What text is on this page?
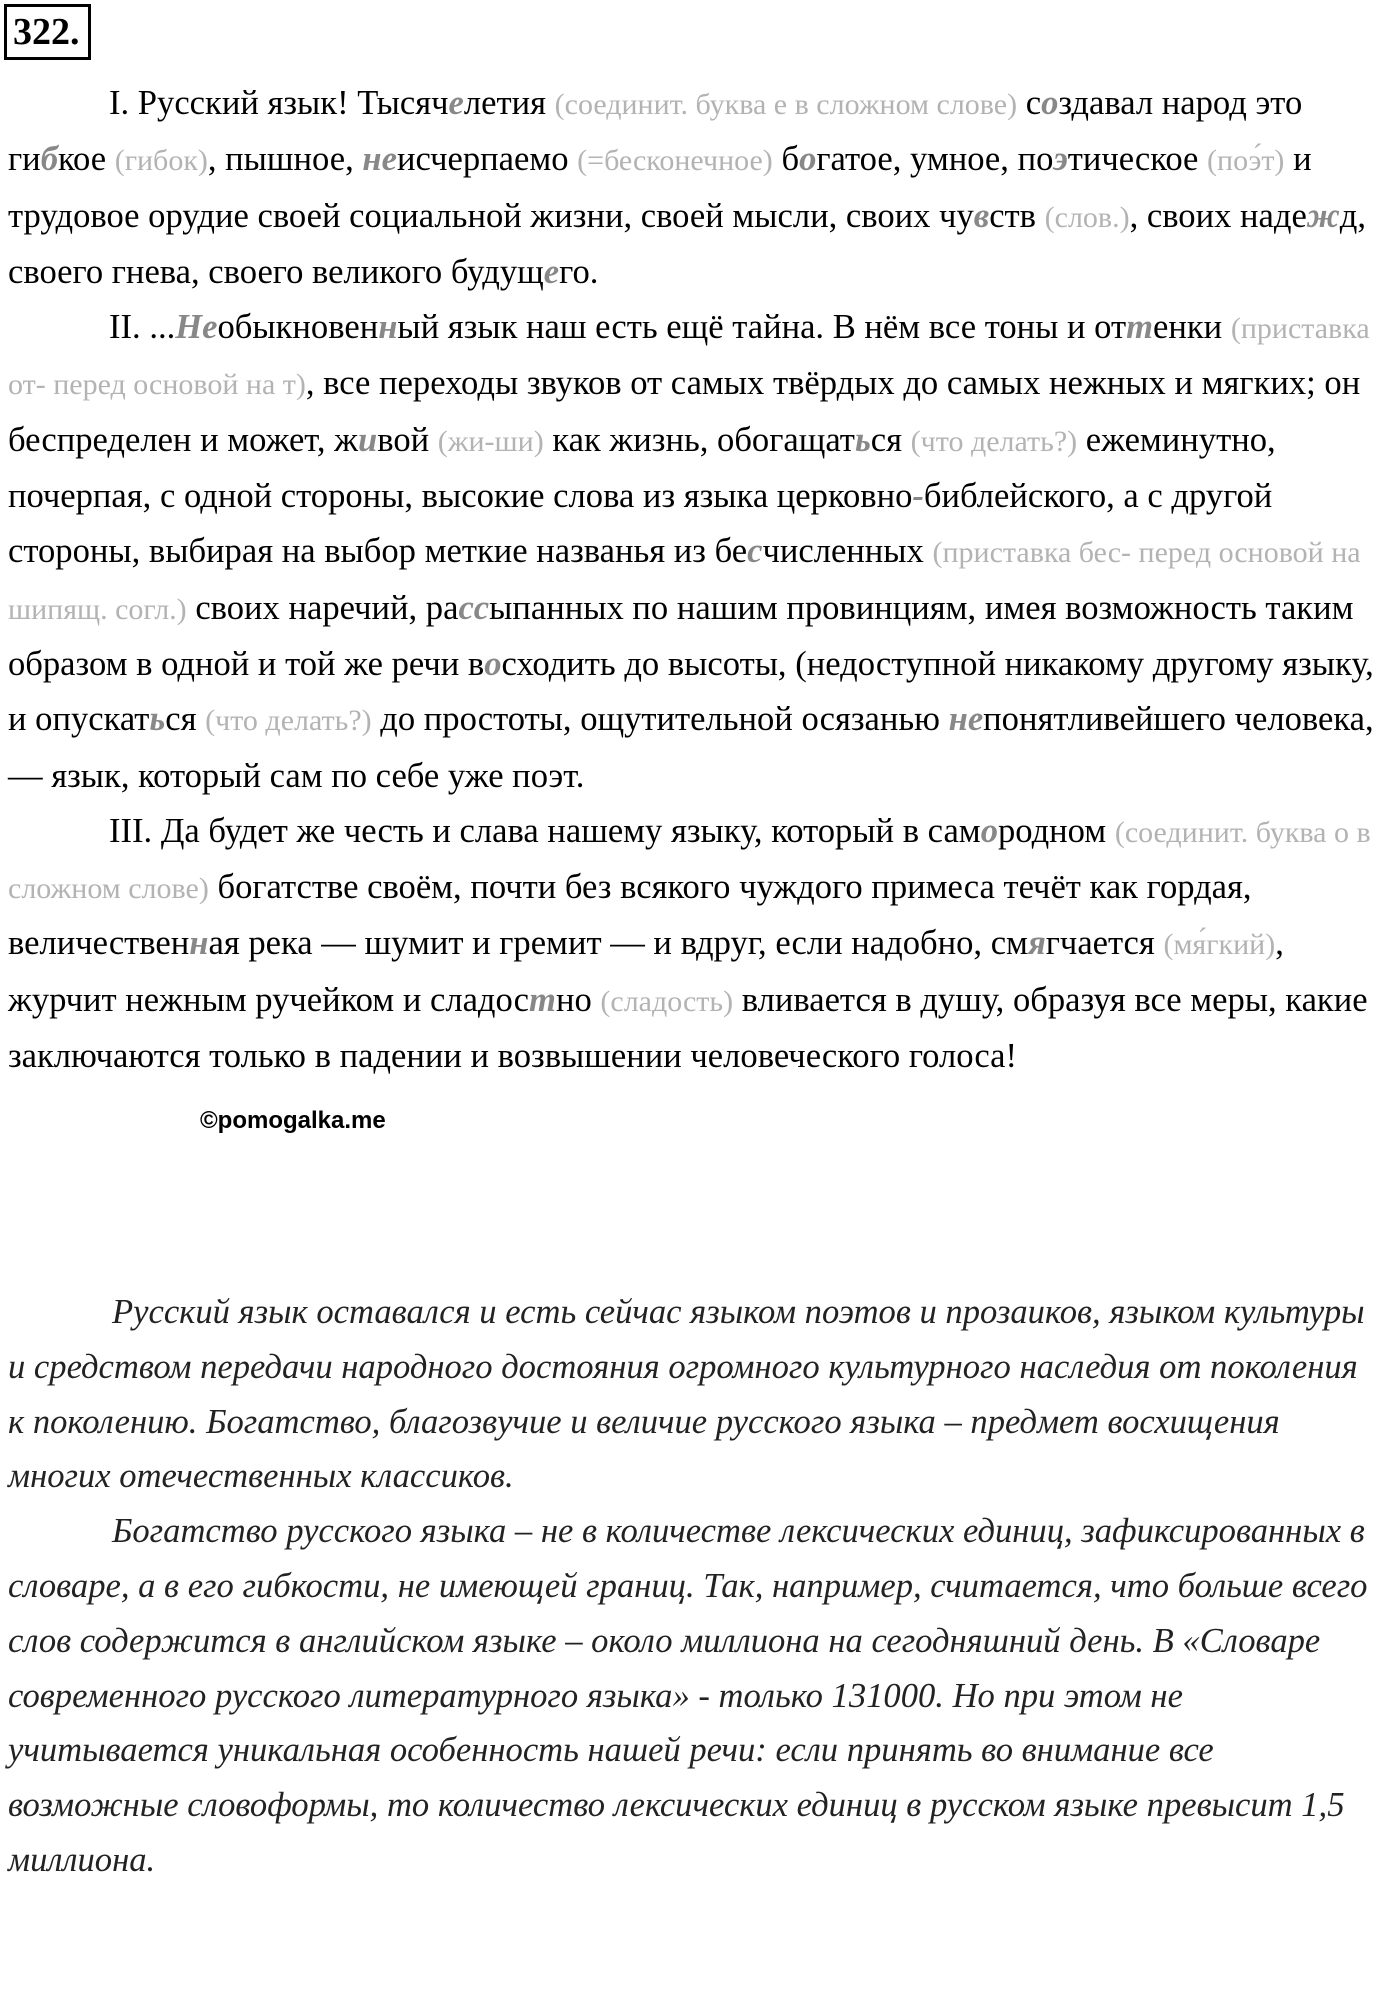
322.

I. Русский язык! Тысячелетия (соединит. буква е в сложном слове) создавал народ это гибкое (гибок), пышное, неисчерпаемо (=бесконечное) богатое, умное, поэтическое (поэ́т) и трудовое орудие своей социальной жизни, своей мысли, своих чувств (слов.), своих надежд, своего гнева, своего великого будущего.

II. ...Необыкновенный язык наш есть ещё тайна. В нём все тоны и оттенки (приставка от- перед основой на т), все переходы звуков от самых твёрдых до самых нежных и мягких; он беспределен и может, живой (жи-ши) как жизнь, обогащаться (что делать?) ежеминутно, почерпая, с одной стороны, высокие слова из языка церковно-библейского, а с другой стороны, выбирая на выбор меткие названья из бесчисленных (приставка бес- перед основой на шипящ. согл.) своих наречий, рассыпанных по нашим провинциям, имея возможность таким образом в одной и той же речи восходить до высоты, (недоступной никакому другому языку, и опускаться (что делать?) до простоты, ощутительной осязанью непонятливейшего человека, — язык, который сам по себе уже поэт.

III. Да будет же честь и слава нашему языку, который в самородном (соединит. буква о в сложном слове) богатстве своём, почти без всякого чуждого примеса течёт как гордая, величественная река — шумит и гремит — и вдруг, если надобно, смягчается (мя́гкий), журчит нежным ручейком и сладостно (сладость) вливается в душу, образуя все меры, какие заключаются только в падении и возвышении человеческого голоса!

©pomogalka.me

Русский язык оставался и есть сейчас языком поэтов и прозаиков, языком культуры и средством передачи народного достояния огромного культурного наследия от поколения к поколению. Богатство, благозвучие и величие русского языка – предмет восхищения многих отечественных классиков.

Богатство русского языка – не в количестве лексических единиц, зафиксированных в словаре, а в его гибкости, не имеющей границ. Так, например, считается, что больше всего слов содержится в английском языке – около миллиона на сегодняшний день. В «Словаре современного русского литературного языка» - только 131000. Но при этом не учитывается уникальная особенность нашей речи: если принять во внимание все возможные словоформы, то количество лексических единиц в русском языке превысит 1,5 миллиона.
